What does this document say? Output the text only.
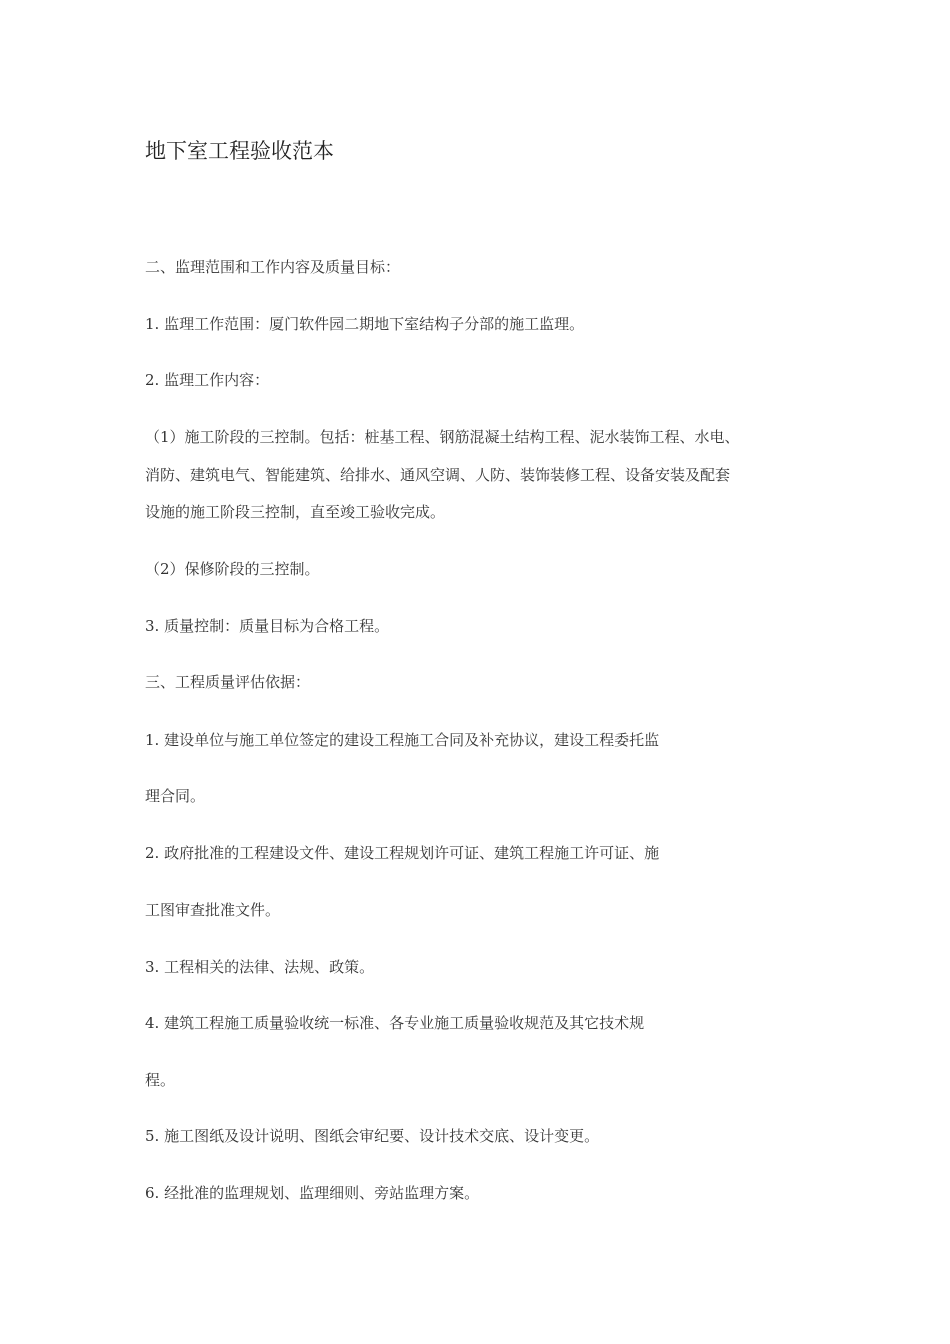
地下室工程验收范本
二、监理范围和工作内容及质量目标：
1. 监理工作范围：厦门软件园二期地下室结构子分部的施工监理。
2. 监理工作内容：
（1）施工阶段的三控制。包括：桩基工程、钢筋混凝土结构工程、泥水装饰工程、水电、
消防、建筑电气、智能建筑、给排水、通风空调、人防、装饰装修工程、设备安装及配套
设施的施工阶段三控制，直至竣工验收完成。
（2）保修阶段的三控制。
3. 质量控制：质量目标为合格工程。
三、工程质量评估依据：
1. 建设单位与施工单位签定的建设工程施工合同及补充协议，建设工程委托监
理合同。
2. 政府批准的工程建设文件、建设工程规划许可证、建筑工程施工许可证、施
工图审查批准文件。
3. 工程相关的法律、法规、政策。
4. 建筑工程施工质量验收统一标准、各专业施工质量验收规范及其它技术规
程。
5. 施工图纸及设计说明、图纸会审纪要、设计技术交底、设计变更。
6. 经批准的监理规划、监理细则、旁站监理方案。
